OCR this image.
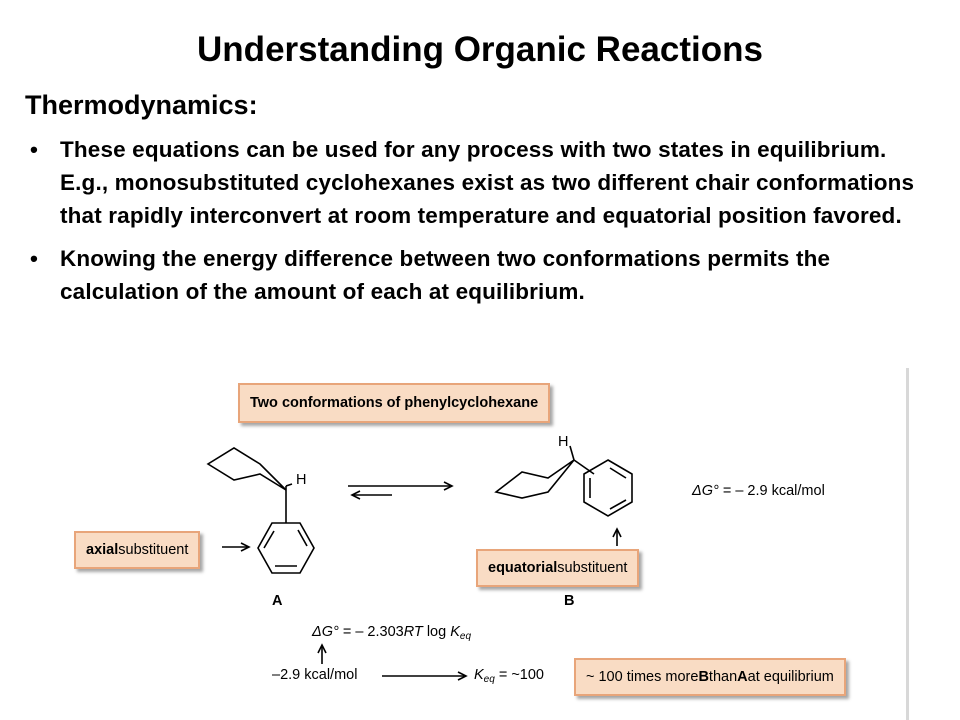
Understanding Organic Reactions
Thermodynamics:
• These equations can be used for any process with two states in equilibrium. E.g., monosubstituted cyclohexanes exist as two different chair conformations that rapidly interconvert at room temperature and equatorial position favored.
• Knowing the energy difference between two conformations permits the calculation of the amount of each at equilibrium.
Two conformations of phenylcyclohexane
H
H
ΔG° = – 2.9 kcal/mol
axial substituent
equatorial substituent
A	B
ΔG° = – 2.303RT $\log K_{eq}$
–2.9 kcal/mol	$K_{eq}$ = ~100	~ 100 times more B than A at equilibrium
